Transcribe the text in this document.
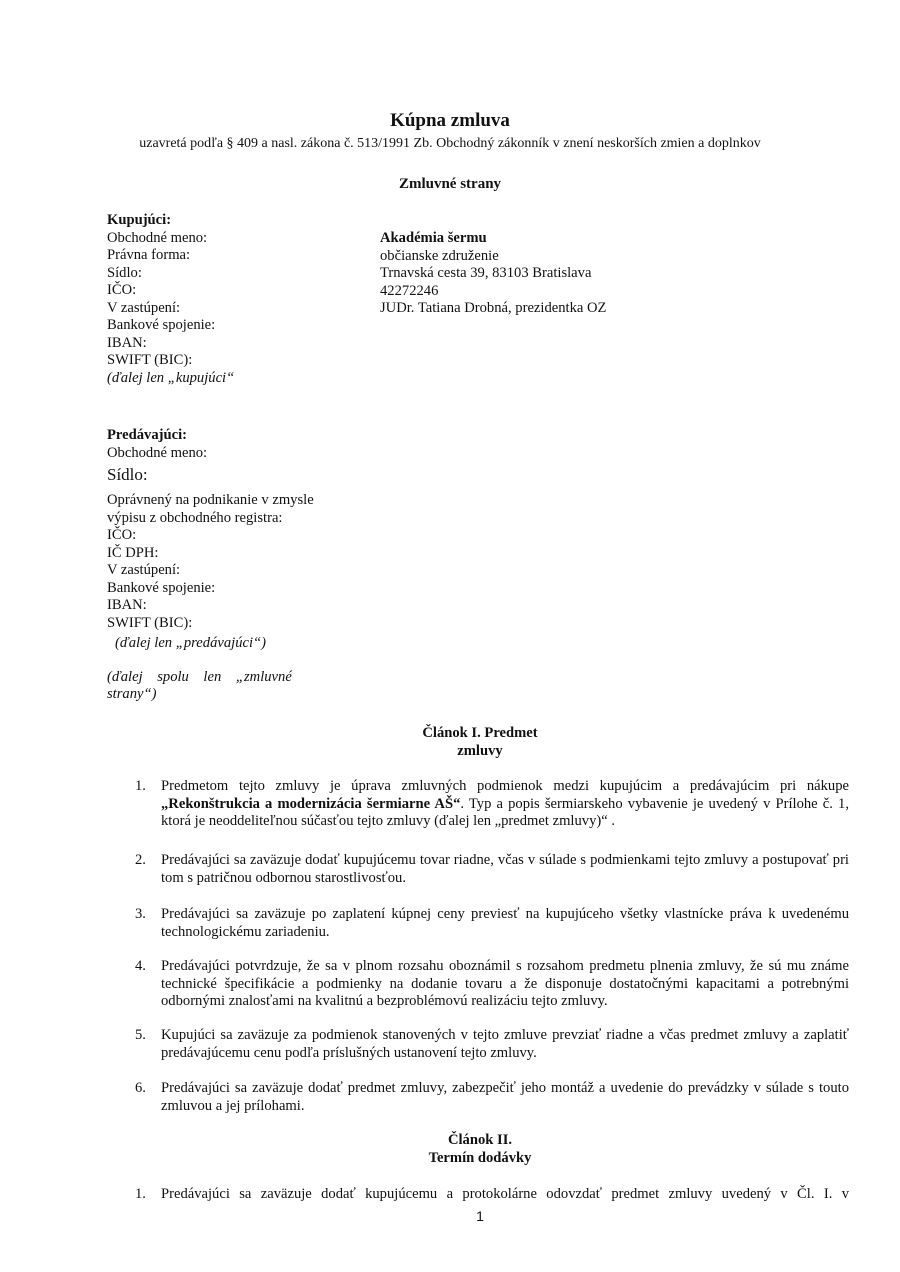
Kúpna zmluva
uzavretá podľa § 409 a nasl. zákona č. 513/1991 Zb. Obchodný zákonník v znení neskorších zmien a doplnkov
Zmluvné strany
Kupujúci:
Obchodné meno:
Právna forma:
Sídlo:
IČO:
V zastúpení:
Bankové spojenie:
IBAN:
SWIFT (BIC):
(ďalej len „kupujúci“
Akadémia šermu
občianske združenie
Trnavská cesta 39, 83103 Bratislava
42272246
JUDr. Tatiana Drobná, prezidentka OZ
Predávajúci:
Obchodné meno:
Sídlo:
Oprávnený na podnikanie v zmysle
výpisu z obchodného registra:
IČO:
IČ DPH:
V zastúpení:
Bankové spojenie:
IBAN:
SWIFT (BIC):
(ďalej len „predávajúci“)
(ďalej    spolu    len    „zmluvné
strany“)
Článok I. Predmet
zmluvy
1. Predmetom tejto zmluvy je úprava zmluvných podmienok medzi kupujúcim a predávajúcim pri nákupe „Rekonštrukcia a modernizácia šermiarne AŠ“. Typ a popis šermiarskeho vybavenie je uvedený v Prílohe č. 1, ktorá je neoddeliteľnou súčasťou tejto zmluvy (ďalej len „predmet zmluvy)“ .
2. Predávajúci sa zaväzuje dodať kupujúcemu tovar riadne, včas v súlade s podmienkami tejto zmluvy a postupovať pri tom s patričnou odbornou starostlivosťou.
3. Predávajúci sa zaväzuje po zaplatení kúpnej ceny previesť na kupujúceho všetky vlastnícke práva k uvedenému technologickému zariadeniu.
4. Predávajúci potvrdzuje, že sa v plnom rozsahu oboznámil s rozsahom predmetu plnenia zmluvy, že sú mu známe technické špecifikácie a podmienky na dodanie tovaru a že disponuje dostatočnými kapacitami a potrebnými odbornými znalosťami na kvalitnú a bezproblémovú realizáciu tejto zmluvy.
5. Kupujúci sa zaväzuje za podmienok stanovených v tejto zmluve prevziať riadne a včas predmet zmluvy a zaplatiť predávajúcemu cenu podľa príslušných ustanovení tejto zmluvy.
6. Predávajúci sa zaväzuje dodať predmet zmluvy, zabezpečiť jeho montáž a uvedenie do prevádzky v súlade s touto zmluvou a jej prílohami.
Článok II.
Termín dodávky
1. Predávajúci sa zaväzuje dodať kupujúcemu a protokolárne odovzdať predmet zmluvy uvedený v Čl. I. v
1
